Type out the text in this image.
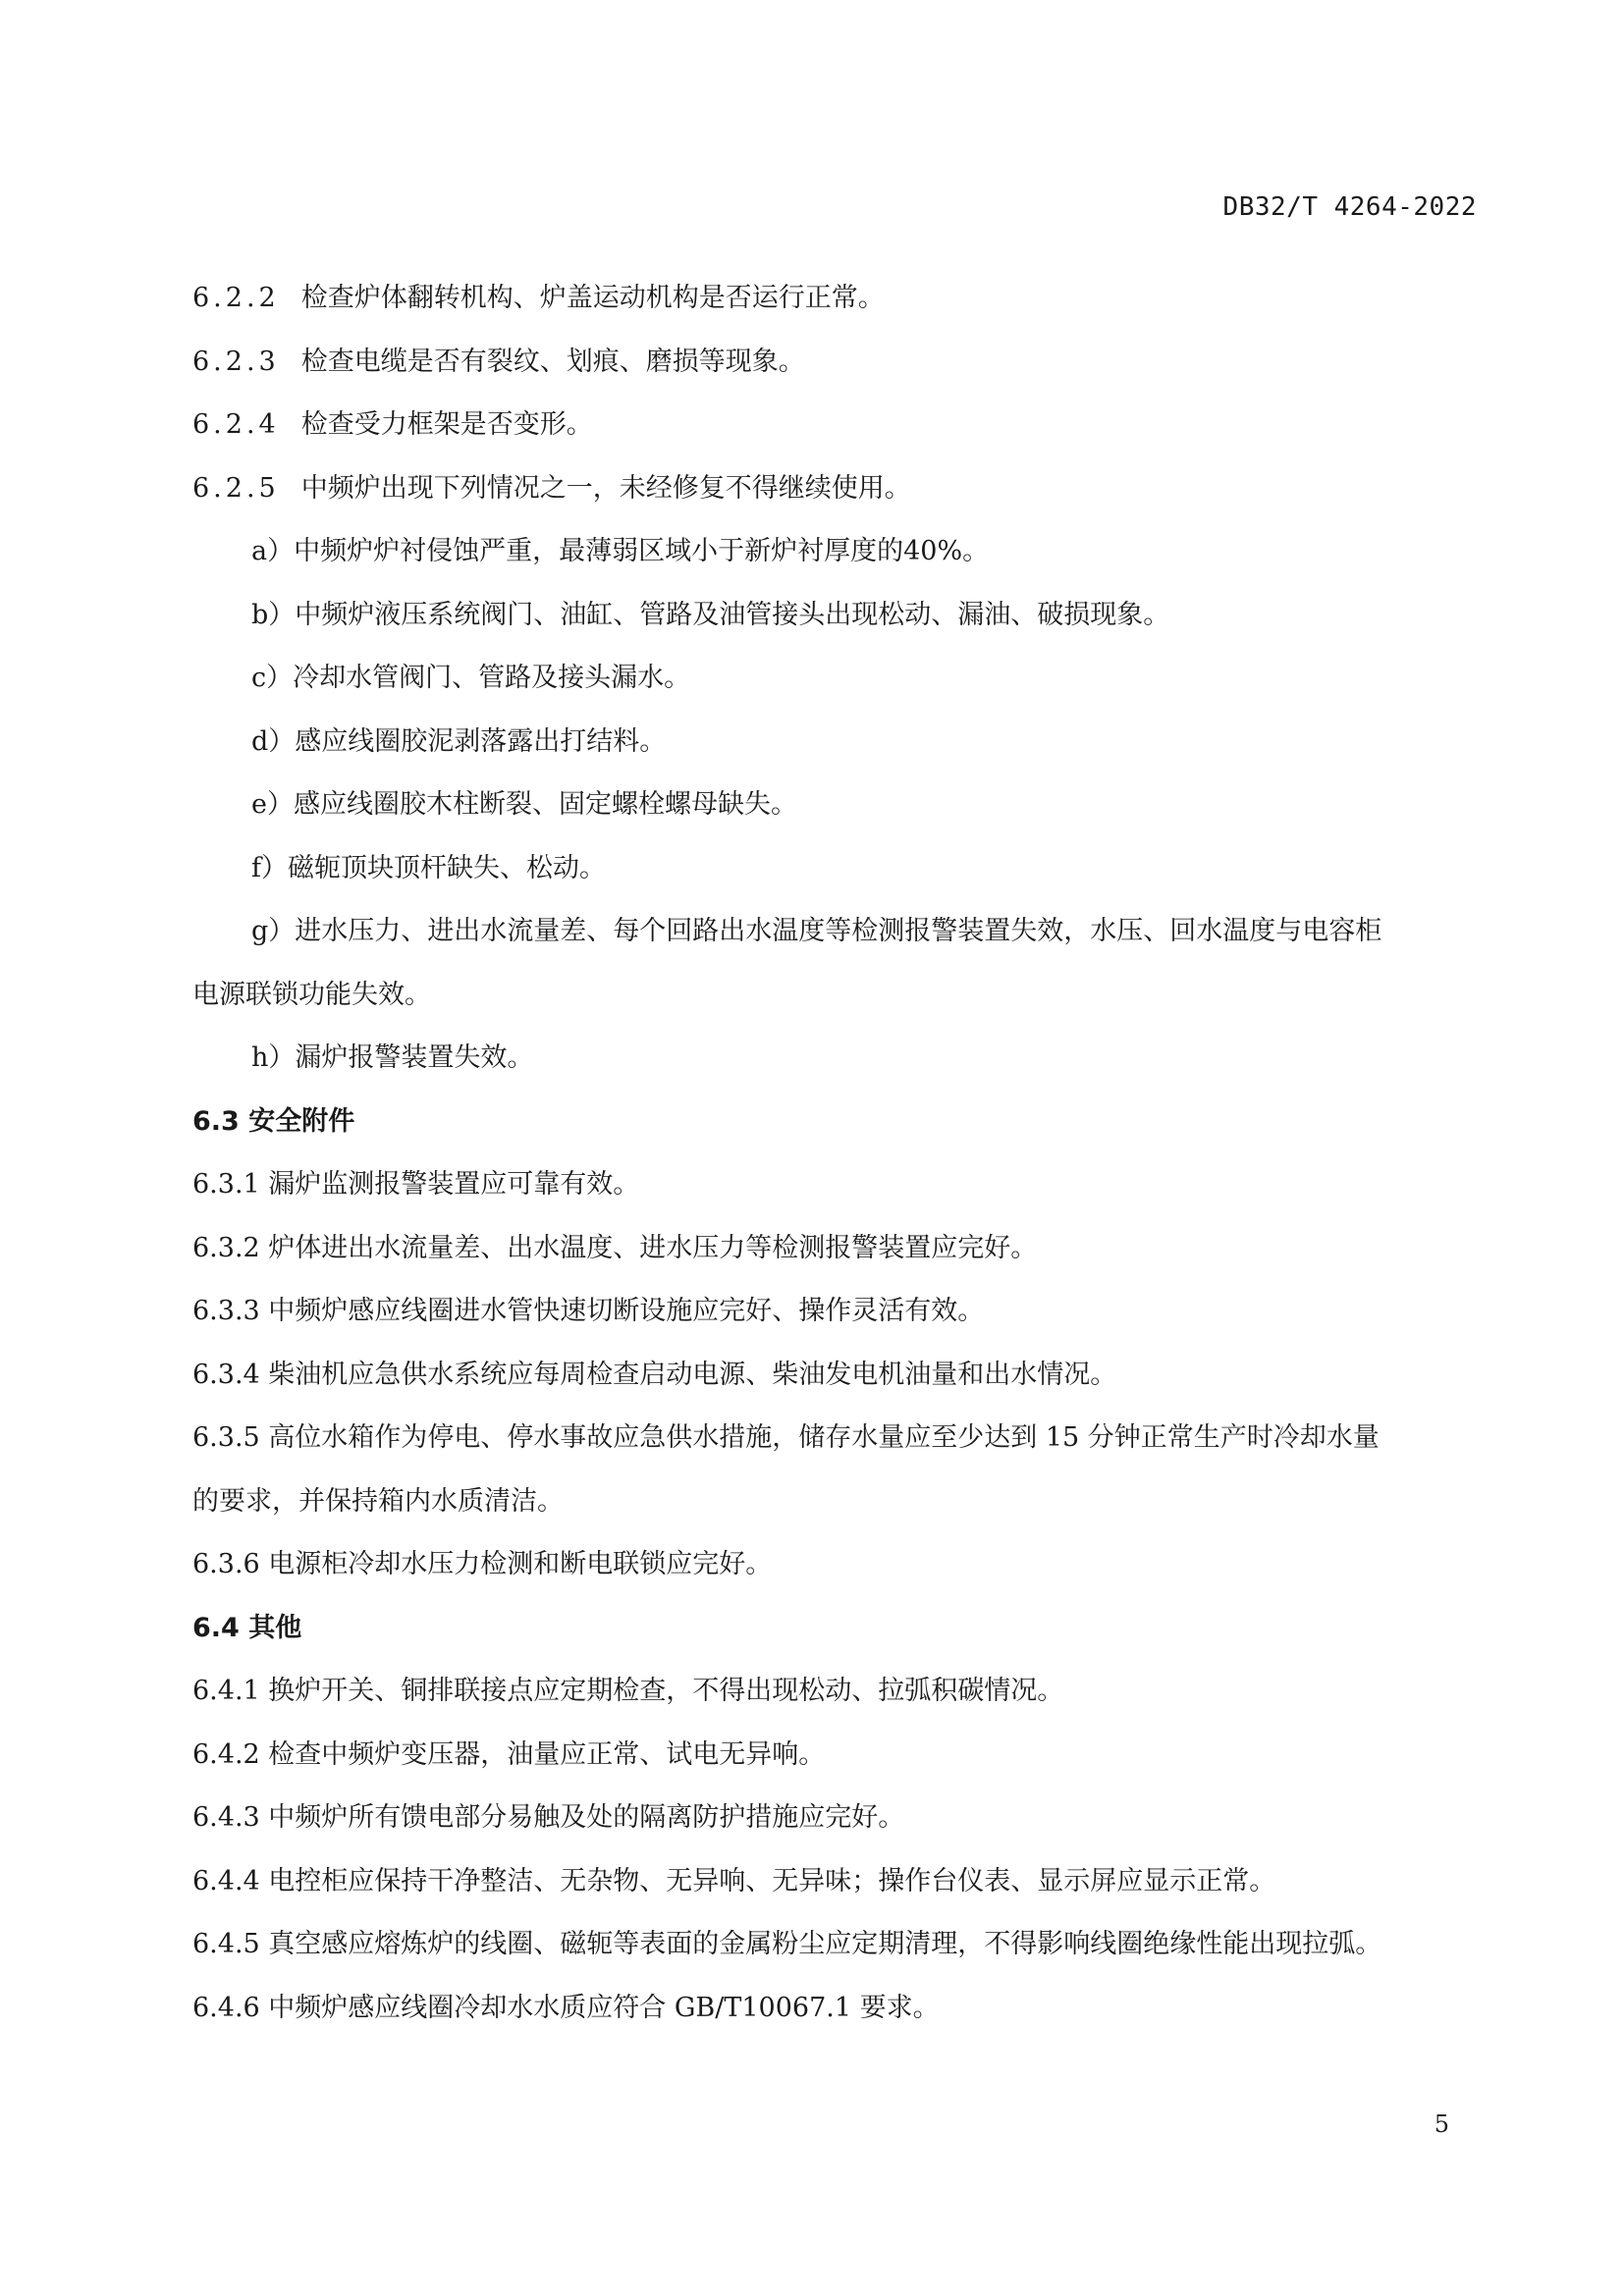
DB32/T 4264-2022
6.2.2 检查炉体翻转机构、炉盖运动机构是否运行正常。
6.2.3 检查电缆是否有裂纹、划痕、磨损等现象。
6.2.4 检查受力框架是否变形。
6.2.5 中频炉出现下列情况之一，未经修复不得继续使用。
a）中频炉炉衬侵蚀严重，最薄弱区域小于新炉衬厚度的40%。
b）中频炉液压系统阀门、油缸、管路及油管接头出现松动、漏油、破损现象。
c）冷却水管阀门、管路及接头漏水。
d）感应线圈胶泥剥落露出打结料。
e）感应线圈胶木柱断裂、固定螺栓螺母缺失。
f）磁轭顶块顶杆缺失、松动。
g）进水压力、进出水流量差、每个回路出水温度等检测报警装置失效，水压、回水温度与电容柜
电源联锁功能失效。
h）漏炉报警装置失效。
6.3 安全附件
6.3.1 漏炉监测报警装置应可靠有效。
6.3.2 炉体进出水流量差、出水温度、进水压力等检测报警装置应完好。
6.3.3 中频炉感应线圈进水管快速切断设施应完好、操作灵活有效。
6.3.4 柴油机应急供水系统应每周检查启动电源、柴油发电机油量和出水情况。
6.3.5 高位水箱作为停电、停水事故应急供水措施，储存水量应至少达到 15 分钟正常生产时冷却水量
的要求，并保持箱内水质清洁。
6.3.6 电源柜冷却水压力检测和断电联锁应完好。
6.4 其他
6.4.1 换炉开关、铜排联接点应定期检查，不得出现松动、拉弧积碳情况。
6.4.2 检查中频炉变压器，油量应正常、试电无异响。
6.4.3 中频炉所有馈电部分易触及处的隔离防护措施应完好。
6.4.4 电控柜应保持干净整洁、无杂物、无异响、无异味；操作台仪表、显示屏应显示正常。
6.4.5 真空感应熔炼炉的线圈、磁轭等表面的金属粉尘应定期清理，不得影响线圈绝缘性能出现拉弧。
6.4.6 中频炉感应线圈冷却水水质应符合 GB/T10067.1 要求。
5
